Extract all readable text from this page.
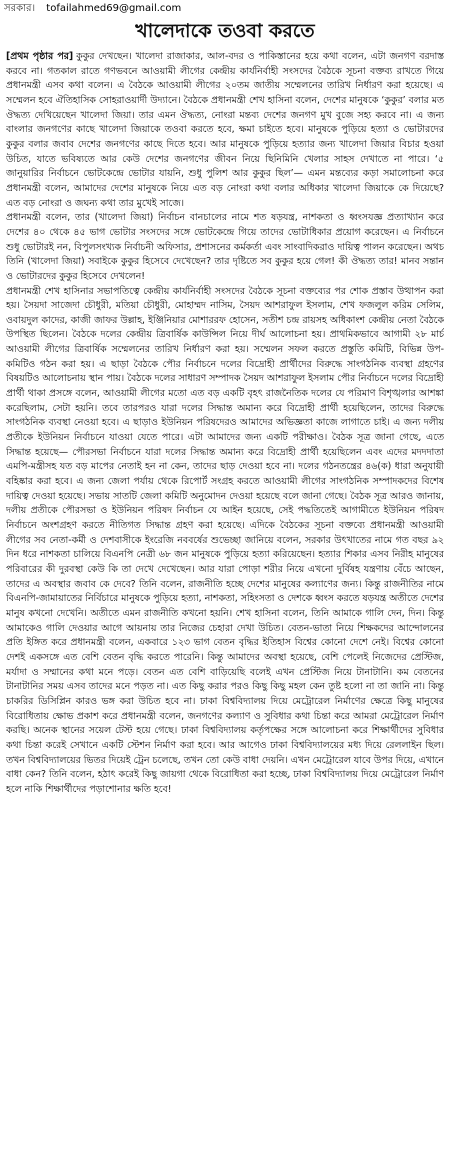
সরকার। tofailahmed69@gmail.com
খালেদাকে তওবা করতে

[প্রথম পৃষ্ঠার পর] কুকুর দেখছেন। খালেদা রাজাকার, আল-বদর ও পাকিস্তানের হয়ে কথা বলেন, এটা জনগণ বরদাস্ত করবে না। গতকাল রাতে গণভবনে আওয়ামী লীগের কেন্দ্রীয় কার্যনির্বাহী সংসদের বৈঠকে সূচনা বক্তব্য রাখতে গিয়ে প্রধানমন্ত্রী এসব কথা বলেন। এ বৈঠকে আওয়ামী লীগের ২০তম জাতীয় সম্মেলনের তারিখ নির্ধারণ করা হয়েছে। এ সম্মেলন হবে ঐতিহাসিক সোহরাওয়ার্দী উদ্যানে। বৈঠকে প্রধানমন্ত্রী শেখ হাসিনা বলেন, দেশের মানুষকে ‘কুকুর’ বলার মত ঔদ্ধত্য দেখিয়েছেন খালেদা জিয়া। তার এমন ঔদ্ধত্য, নোংরা মন্তব্য দেশের জনগণ মুখ বুজে সহ্য করবে না। এ জন্য বাংলার জনগণের কাছে খালেদা জিয়াকে তওবা করতে হবে, ক্ষমা চাইতে হবে। মানুষকে পুড়িয়ে হত্যা ও ভোটারদের কুকুর বলার জবাব দেশের জনগণের কাছে দিতে হবে। আর মানুষকে পুড়িয়ে হত্যার জন্য খালেদা জিয়ার বিচার হওয়া উচিত, যাতে ভবিষ্যতে আর কেউ দেশের জনগণের জীবন নিয়ে ছিনিমিনি খেলার সাহস দেখাতে না পারে। ‘৫ জানুয়ারির নির্বাচনে ভোটকেন্দ্রে ভোটার যায়নি, শুধু পুলিশ আর কুকুর ছিল’— এমন মন্তব্যের কড়া সমালোচনা করে প্রধানমন্ত্রী বলেন, আমাদের দেশের মানুষকে নিয়ে এত বড় নোংরা কথা বলার অধিকার খালেদা জিয়াকে কে দিয়েছে? এত বড় নোংরা ও জঘন্য কথা তার মুখেই সাজে।

প্রধানমন্ত্রী বলেন, তার (খালেদা জিয়া) নির্বাচন বানচালের নামে শত ষড়যন্ত্র, নাশকতা ও ধ্বংসযজ্ঞ প্রত্যাখ্যান করে দেশের ৪০ থেকে ৪৫ ভাগ ভোটার সংসদের সঙ্গে ভোটকেন্দ্রে গিয়ে তাদের ভোটাধিকার প্রয়োগ করেছেন। এ নির্বাচনে শুধু ভোটারই নন, বিপুলসংখ্যক নির্বাচনী অফিসার, প্রশাসনের কর্মকর্তা এবং সাংবাদিকরাও দায়িত্ব পালন করেছেন। অথচ তিনি (খালেদা জিয়া) সবাইকে কুকুর হিসেবে দেখেছেন? তার দৃষ্টিতে সব কুকুর হয়ে গেল! কী ঔদ্ধত্য তার! মানব সন্তান ও ভোটারদের কুকুর হিসেবে দেখলেন!

প্রধানমন্ত্রী শেখ হাসিনার সভাপতিত্বে কেন্দ্রীয় কার্যনির্বাহী সংসদের বৈঠকে সূচনা বক্তব্যের পর শোক প্রস্তাব উত্থাপন করা হয়। সৈয়দা সাজেদা চৌধুরী, মতিয়া চৌধুরী, মোহাম্মদ নাসিম, সৈয়দ আশরাফুল ইসলাম, শেখ ফজলুল করিম সেলিম, ওবায়দুল কাদের, কাজী জাফর উল্লাহ, ইঞ্জিনিয়ার মোশাররফ হোসেন, সতীশ চন্দ্র রায়সহ অধিকাংশ কেন্দ্রীয় নেতা বৈঠকে উপস্থিত ছিলেন। বৈঠকে দলের কেন্দ্রীয় ত্রিবার্ষিক কাউন্সিল নিয়ে দীর্ঘ আলোচনা হয়। প্রাথমিকভাবে আগামী ২৮ মার্চ আওয়ামী লীগের ত্রিবার্ষিক সম্মেলনের তারিখ নির্ধারণ করা হয়। সম্মেলন সফল করতে প্রস্তুতি কমিটি, বিভিন্ন উপ-কমিটিও গঠন করা হয়। এ ছাড়া বৈঠকে পৌর নির্বাচনে দলের বিদ্রোহী প্রার্থীদের বিরুদ্ধে সাংগঠনিক ব্যবস্থা গ্রহণের বিষয়টিও আলোচনায় স্থান পায়। বৈঠকে দলের সাধারণ সম্পাদক সৈয়দ আশরাফুল ইসলাম পৌর নির্বাচনে দলের বিদ্রোহী প্রার্থী থাকা প্রসঙ্গে বলেন, আওয়ামী লীগের মতো এত বড় একটি বৃহৎ রাজনৈতিক দলের যে পরিমাণ বিশৃঙ্খলার আশঙ্কা করেছিলাম, সেটা হয়নি। তবে তারপরও যারা দলের সিদ্ধান্ত অমান্য করে বিদ্রোহী প্রার্থী হয়েছিলেন, তাদের বিরুদ্ধে সাংগঠনিক ব্যবস্থা নেওয়া হবে। এ ছাড়াও ইউনিয়ন পরিষদেরও আমাদের অভিজ্ঞতা কাজে লাগাতে চাই। এ জন্য দলীয় প্রতীকে ইউনিয়ন নির্বাচনে যাওয়া যেতে পারে। এটা আমাদের জন্য একটি পরীক্ষাও। বৈঠক সূত্র জানা গেছে, এতে সিদ্ধান্ত হয়েছে— পৌরসভা নির্বাচনে যারা দলের সিদ্ধান্ত অমান্য করে বিদ্রোহী প্রার্থী হয়েছিলেন এবং এদের মদদদাতা এমপি-মন্ত্রীসহ যত বড় মাপের নেতাই হন না কেন, তাদের ছাড় দেওয়া হবে না। দলের গঠনতন্ত্রের ৪৬(ক) ধারা অনুযায়ী বহিষ্কার করা হবে। এ জন্য জেলা পর্যায় থেকে রিপোর্ট সংগ্রহ করতে আওয়ামী লীগের সাংগঠনিক সম্পাদকদের বিশেষ দায়িত্ব দেওয়া হয়েছে। সভায় সাতটি জেলা কমিটি অনুমোদন দেওয়া হয়েছে বলে জানা গেছে। বৈঠক সূত্র আরও জানায়, দলীয় প্রতীকে পৌরসভা ও ইউনিয়ন পরিষদ নির্বাচন যে আইন হয়েছে, সেই পদ্ধতিতেই আগামীতে ইউনিয়ন পরিষদ নির্বাচনে অংশগ্রহণ করতে নীতিগত সিদ্ধান্ত গ্রহণ করা হয়েছে। এদিকে বৈঠকের সূচনা বক্তব্যে প্রধানমন্ত্রী আওয়ামী লীগের সব নেতা-কর্মী ও দেশবাসীকে ইংরেজি নববর্ষের শুভেচ্ছা জানিয়ে বলেন, সরকার উৎখাতের নামে গত বছর ৯২ দিন ধরে নাশকতা চালিয়ে বিএনপি নেত্রী ৬৮ জন মানুষকে পুড়িয়ে হত্যা করিয়েছেন। হত্যার শিকার এসব নিরীহ মানুষের পরিবারের কী দুরবস্থা কেউ কি তা দেখে দেখেছেন। আর যারা পোড়া শরীর নিয়ে এখনো দুর্বিষহ যন্ত্রণায় বেঁচে আছেন, তাদের এ অবস্থার জবাব কে দেবে? তিনি বলেন, রাজনীতি হচ্ছে দেশের মানুষের কল্যাণের জন্য। কিন্তু রাজনীতির নামে বিএনপি-জামায়াতের নির্বিচারে মানুষকে পুড়িয়ে হত্যা, নাশকতা, সহিংসতা ও দেশকে ধ্বংস করতে ষড়যন্ত্র অতীতে দেশের মানুষ কখনো দেখেনি। অতীতে এমন রাজনীতি কখনো হয়নি। শেখ হাসিনা বলেন, তিনি আমাকে গালি দেন, দিন। কিন্তু আমাকেও গালি দেওয়ার আগে আয়নায় তার নিজের চেহারা দেখা উচিত। বেতন-ভাতা নিয়ে শিক্ষকদের আন্দোলনের প্রতি ইঙ্গিত করে প্রধানমন্ত্রী বলেন, একবারে ১২৩ ভাগ বেতন বৃদ্ধির ইতিহাস বিশ্বের কোনো দেশে নেই। বিশ্বের কোনো দেশই একসঙ্গে এত বেশি বেতন বৃদ্ধি করতে পারেনি। কিন্তু আমাদের অবস্থা হয়েছে, বেশি পেলেই নিজেদের প্রেস্টিজ, মর্যাদা ও সম্মানের কথা মনে পড়ে। বেতন এত বেশি বাড়িয়েছি বলেই এখন প্রেস্টিজ নিয়ে টানাটানি। কম বেতনের টানাটানির সময় এসব তাদের মনে পড়ত না। এত কিছু করার পরও কিছু কিছু মহল কেন তুষ্ট হলো না তা জানি না। কিন্তু চাকরির ডিসিপ্লিন কারও ভঙ্গ করা উচিত হবে না। ঢাকা বিশ্ববিদ্যালয় দিয়ে মেট্রোরেল নির্মাণের ক্ষেত্রে কিছু মানুষের বিরোধিতায় ক্ষোভ প্রকাশ করে প্রধানমন্ত্রী বলেন, জনগণের কল্যাণ ও সুবিধার কথা চিন্তা করে আমরা মেট্রোরেল নির্মাণ করছি। অনেক স্থানের সয়েল টেস্ট হয়ে গেছে। ঢাকা বিশ্ববিদ্যালয় কর্তৃপক্ষের সঙ্গে আলোচনা করে শিক্ষার্থীদের সুবিধার কথা চিন্তা করেই সেখানে একটি স্টেশন নির্মাণ করা হবে। আর আগেও ঢাকা বিশ্ববিদ্যালয়ের মধ্য দিয়ে রেললাইন ছিল। তখন বিশ্ববিদ্যালয়ের ভিতর দিয়েই ট্রেন চলেছে, তখন তো কেউ বাধা দেয়নি। এখন মেট্রোরেল যাবে উপর দিয়ে, এখানে বাধা কেন? তিনি বলেন, হঠাৎ করেই কিছু জায়গা থেকে বিরোধিতা করা হচ্ছে, ঢাকা বিশ্ববিদ্যালয় দিয়ে মেট্রোরেল নির্মাণ হলে নাকি শিক্ষার্থীদের পড়াশোনার ক্ষতি হবে!
